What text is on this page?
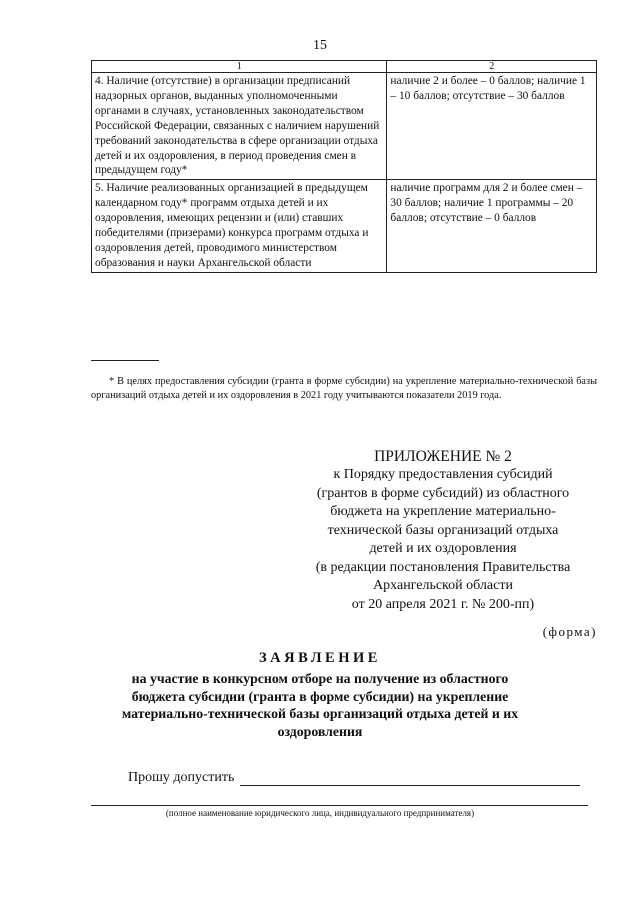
15
1	2
4. Наличие (отсутствие) в организации предписаний надзорных органов, выданных уполномоченными органами в случаях, установленных законодательством Российской Федерации, связанных с наличием нарушений требований законодательства в сфере организации отдыха детей и их оздоровления, в период проведения смен в предыдущем году*	наличие 2 и более – 0 баллов; наличие 1 – 10 баллов; отсутствие – 30 баллов
5. Наличие реализованных организацией в предыдущем календарном году* программ отдыха детей и их оздоровления, имеющих рецензии и (или) ставших победителями (призерами) конкурса программ отдыха и оздоровления детей, проводимого министерством образования и науки Архангельской области	наличие программ для 2 и более смен – 30 баллов; наличие 1 программы – 20 баллов; отсутствие – 0 баллов
* В целях предоставления субсидии (гранта в форме субсидии) на укрепление материально-технической базы организаций отдыха детей и их оздоровления в 2021 году учитываются показатели 2019 года.
ПРИЛОЖЕНИЕ № 2
к Порядку предоставления субсидий
(грантов в форме субсидий) из областного
бюджета на укрепление материально-
технической базы организаций отдыха
детей и их оздоровления
(в редакции постановления Правительства
Архангельской области
от 20 апреля 2021 г. № 200-пп)
(форма)
ЗАЯВЛЕНИЕ
на участие в конкурсном отборе на получение из областного бюджета субсидии (гранта в форме субсидии) на укрепление материально-технической базы организаций отдыха детей и их оздоровления
Прошу допустить
(полное наименование юридического лица, индивидуального предпринимателя)
